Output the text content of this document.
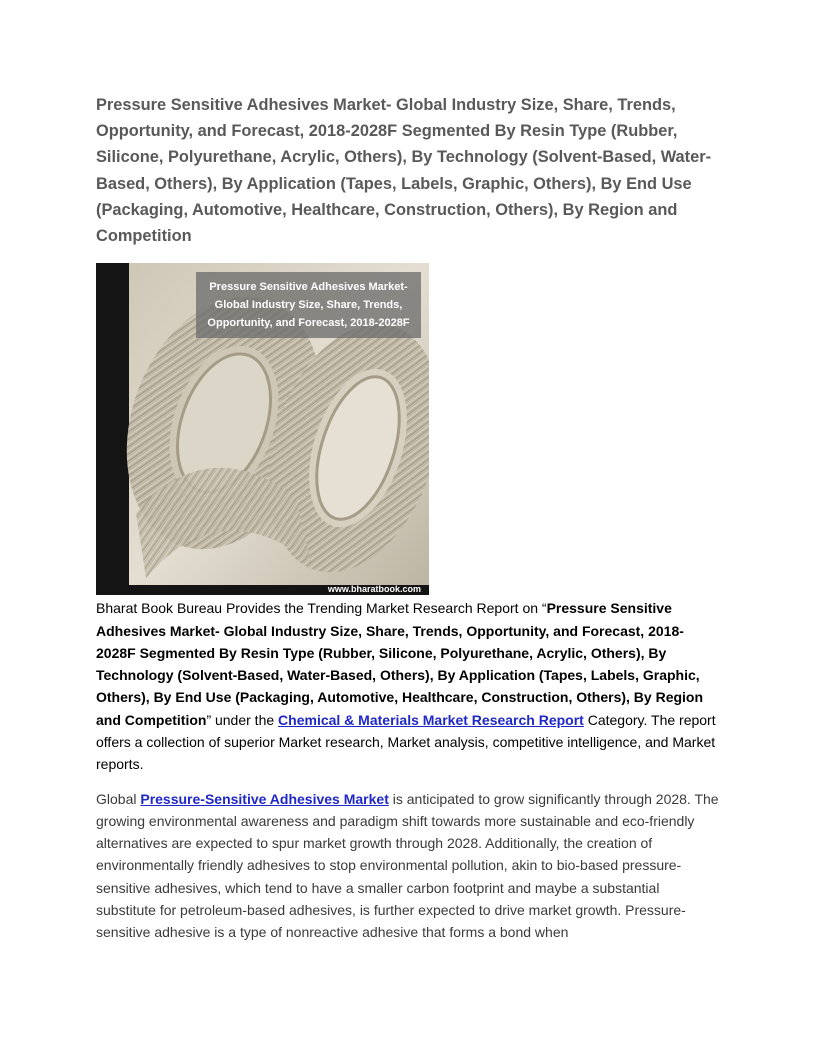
Pressure Sensitive Adhesives Market- Global Industry Size, Share, Trends, Opportunity, and Forecast, 2018-2028F Segmented By Resin Type (Rubber, Silicone, Polyurethane, Acrylic, Others), By Technology (Solvent-Based, Water-Based, Others), By Application (Tapes, Labels, Graphic, Others), By End Use (Packaging, Automotive, Healthcare, Construction, Others), By Region and Competition
Pressure Sensitive Adhesives Market-
Global Industry Size, Share, Trends,
Opportunity, and Forecast, 2018-2028F
www.bharatbook.com

Bharat Book Bureau Provides the Trending Market Research Report on “Pressure Sensitive Adhesives Market- Global Industry Size, Share, Trends, Opportunity, and Forecast, 2018-2028F Segmented By Resin Type (Rubber, Silicone, Polyurethane, Acrylic, Others), By Technology (Solvent-Based, Water-Based, Others), By Application (Tapes, Labels, Graphic, Others), By End Use (Packaging, Automotive, Healthcare, Construction, Others), By Region and Competition” under the Chemical & Materials Market Research Report Category. The report offers a collection of superior Market research, Market analysis, competitive intelligence, and Market reports.

Global Pressure-Sensitive Adhesives Market is anticipated to grow significantly through 2028. The growing environmental awareness and paradigm shift towards more sustainable and eco-friendly alternatives are expected to spur market growth through 2028. Additionally, the creation of environmentally friendly adhesives to stop environmental pollution, akin to bio-based pressure-sensitive adhesives, which tend to have a smaller carbon footprint and maybe a substantial substitute for petroleum-based adhesives, is further expected to drive market growth. Pressure-sensitive adhesive is a type of nonreactive adhesive that forms a bond when
